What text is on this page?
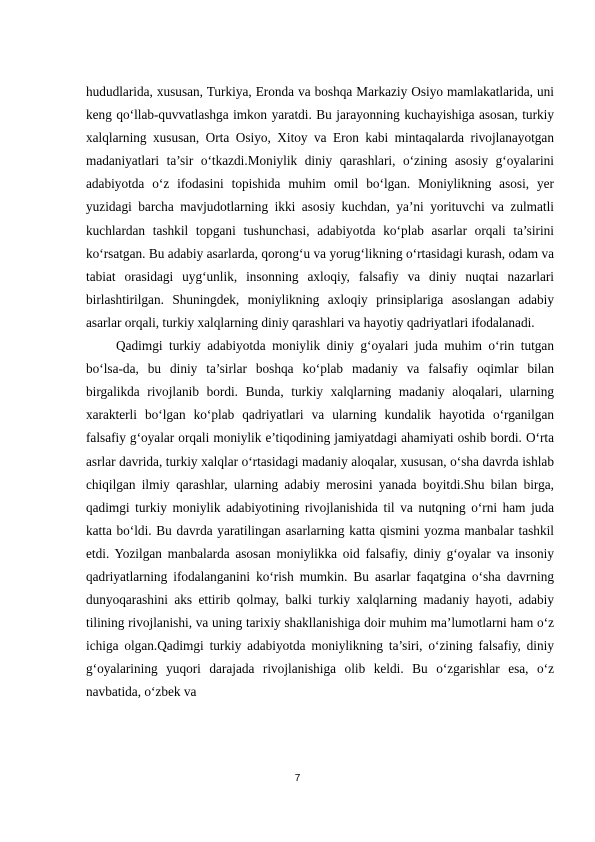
hududlarida, xususan, Turkiya, Eronda va boshqa Markaziy Osiyo mamlakatlarida, uni keng qo‘llab-quvvatlashga imkon yaratdi. Bu jarayonning kuchayishiga asosan, turkiy xalqlarning xususan, Orta Osiyo, Xitoy va Eron kabi mintaqalarda rivojlanayotgan madaniyatlari ta’sir o‘tkazdi.Moniylik diniy qarashlari, o‘zining asosiy g‘oyalarini adabiyotda o‘z ifodasini topishida muhim omil bo‘lgan. Moniylikning asosi, yer yuzidagi barcha mavjudotlarning ikki asosiy kuchdan, ya’ni yorituvchi va zulmatli kuchlardan tashkil topgani tushunchasi, adabiyotda ko‘plab asarlar orqali ta’sirini ko‘rsatgan. Bu adabiy asarlarda, qorong‘u va yorug‘likning o‘rtasidagi kurash, odam va tabiat orasidagi uyg‘unlik, insonning axloqiy, falsafiy va diniy nuqtai nazarlari birlashtirilgan. Shuningdek, moniylikning axloqiy prinsiplariga asoslangan adabiy asarlar orqali, turkiy xalqlarning diniy qarashlari va hayotiy qadriyatlari ifodalanadi.

Qadimgi turkiy adabiyotda moniylik diniy g‘oyalari juda muhim o‘rin tutgan bo‘lsa-da, bu diniy ta’sirlar boshqa ko‘plab madaniy va falsafiy oqimlar bilan birgalikda rivojlanib bordi. Bunda, turkiy xalqlarning madaniy aloqalari, ularning xarakterli bo‘lgan ko‘plab qadriyatlari va ularning kundalik hayotida o‘rganilgan falsafiy g‘oyalar orqali moniylik e’tiqodining jamiyatdagi ahamiyati oshib bordi. O‘rta asrlar davrida, turkiy xalqlar o‘rtasidagi madaniy aloqalar, xususan, o‘sha davrda ishlab chiqilgan ilmiy qarashlar, ularning adabiy merosini yanada boyitdi.Shu bilan birga, qadimgi turkiy moniylik adabiyotining rivojlanishida til va nutqning o‘rni ham juda katta bo‘ldi. Bu davrda yaratilingan asarlarning katta qismini yozma manbalar tashkil etdi. Yozilgan manbalarda asosan moniylikka oid falsafiy, diniy g‘oyalar va insoniy qadriyatlarning ifodalanganini ko‘rish mumkin. Bu asarlar faqatgina o‘sha davrning dunyoqarashini aks ettirib qolmay, balki turkiy xalqlarning madaniy hayoti, adabiy tilining rivojlanishi, va uning tarixiy shakllanishiga doir muhim ma’lumotlarni ham o‘z ichiga olgan.Qadimgi turkiy adabiyotda moniylikning ta’siri, o‘zining falsafiy, diniy g‘oyalarining yuqori darajada rivojlanishiga olib keldi. Bu o‘zgarishlar esa, o‘z navbatida, o‘zbek va

7
